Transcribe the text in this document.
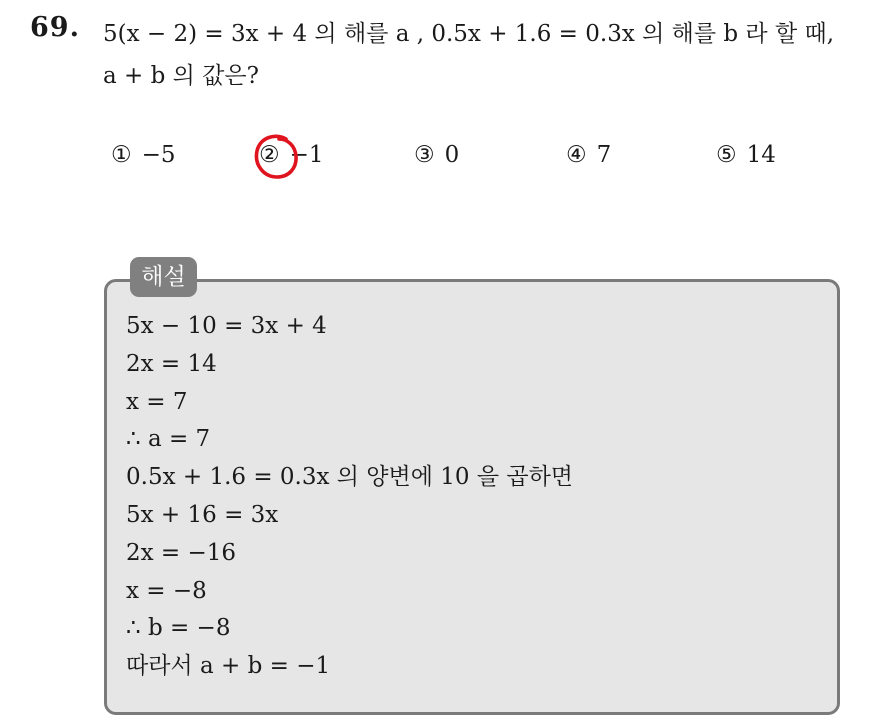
69. 5(x − 2) = 3x + 4 의 해를 a , 0.5x + 1.6 = 0.3x 의 해를 b 라 할 때,
a + b 의 값은?
① −5	② −1	③ 0	④ 7	⑤ 14
해설
5x − 10 = 3x + 4
2x = 14
x = 7
∴ a = 7
0.5x + 1.6 = 0.3x 의 양변에 10 을 곱하면
5x + 16 = 3x
2x = −16
x = −8
∴ b = −8
따라서 a + b = −1
